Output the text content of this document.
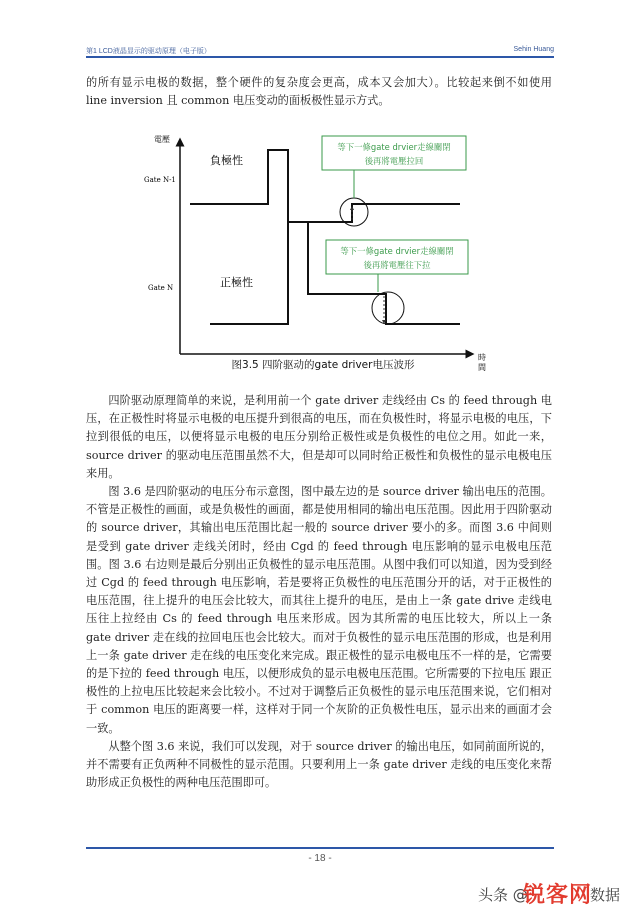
第1 LCD液晶显示的驱动原理（电子版）	Sehin Huang

的所有显示电极的数据，整个硬件的复杂度会更高，成本又会加大）。比较起来倒不如使用 line inversion 且 common 电压变动的面板极性显示方式。

電壓
時
間
Gate N-1
Gate N
負極性
正極性
等下一條gate drvier走線關閉
後再將電壓拉回
等下一條gate drvier走線關閉
後再將電壓往下拉
图3.5 四阶驱动的gate driver电压波形

四阶驱动原理简单的来说，是利用前一个 gate driver 走线经由 Cs 的 feed through 电压，在正极性时将显示电极的电压提升到很高的电压，而在负极性时，将显示电极的电压，下拉到很低的电压，以便将显示电极的电压分别给正极性或是负极性的电位之用。如此一来，source driver 的驱动电压范围虽然不大，但是却可以同时给正极性和负极性的显示电极电压来用。

图 3.6 是四阶驱动的电压分布示意图，图中最左边的是 source driver 输出电压的范围。不管是正极性的画面，或是负极性的画面，都是使用相同的输出电压范围。因此用于四阶驱动的 source driver，其输出电压范围比起一般的 source driver 要小的多。而图 3.6 中间则是受到 gate driver 走线关闭时，经由 Cgd 的 feed through 电压影响的显示电极电压范围。图 3.6 右边则是最后分别出正负极性的显示电压范围。从图中我们可以知道，因为受到经过 Cgd 的 feed through 电压影响，若是要将正负极性的电压范围分开的话，对于正极性的电压范围，往上提升的电压会比较大，而其往上提升的电压，是由上一条 gate drive 走线电压往上拉经由 Cs 的 feed through 电压来形成。因为其所需的电压比较大，所以上一条 gate driver 走在线的拉回电压也会比较大。而对于负极性的显示电压范围的形成，也是利用上一条 gate driver 走在线的电压变化来完成。跟正极性的显示电极电压不一样的是，它需要的是下拉的 feed through 电压，以便形成负的显示电极电压范围。它所需要的下拉电压 跟正极性的上拉电压比较起来会比较小。不过对于调整后正负极性的显示电压范围来说，它们相对于 common 电压的距离要一样，这样对于同一个灰阶的正负极性电压，显示出来的画面才会一致。

从整个图 3.6 来说，我们可以发现，对于 source driver 的输出电压，如同前面所说的，并不需要有正负两种不同极性的显示范围。只要利用上一条 gate driver 走线的电压变化来帮助形成正负极性的两种电压范围即可。

- 18 -
头条 @
锐客网
数据
